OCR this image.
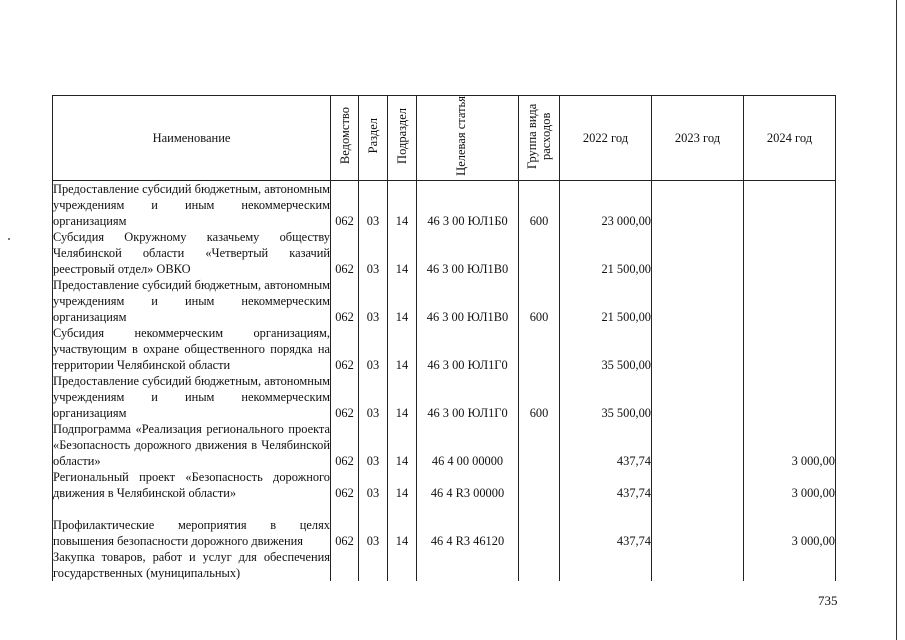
Наименование	Ведомство	Раздел	Подраздел	Целевая статья	Группа вида расходов	2022 год	2023 год	2024 год
Предоставление субсидий бюджетным, автономным учреждениям и иным некоммерческим организациям	062	03	14	46 3 00 ЮЛ1Б0	600	23 000,00		
Субсидия Окружному казачьему обществу Челябинской области «Четвертый казачий реестровый отдел» ОВКО	062	03	14	46 3 00 ЮЛ1В0		21 500,00		
Предоставление субсидий бюджетным, автономным учреждениям и иным некоммерческим организациям	062	03	14	46 3 00 ЮЛ1В0	600	21 500,00		
Субсидия некоммерческим организациям, участвующим в охране общественного порядка на территории Челябинской области	062	03	14	46 3 00 ЮЛ1Г0		35 500,00		
Предоставление субсидий бюджетным, автономным учреждениям и иным некоммерческим организациям	062	03	14	46 3 00 ЮЛ1Г0	600	35 500,00		
Подпрограмма «Реализация регионального проекта «Безопасность дорожного движения в Челябинской области»	062	03	14	46 4 00 00000		437,74		3 000,00
Региональный проект «Безопасность дорожного движения в Челябинской области»	062	03	14	46 4 R3 00000		437,74		3 000,00
Профилактические мероприятия в целях повышения безопасности дорожного движения	062	03	14	46 4 R3 46120		437,74		3 000,00
Закупка товаров, работ и услуг для обеспечения государственных (муниципальных)								
735
